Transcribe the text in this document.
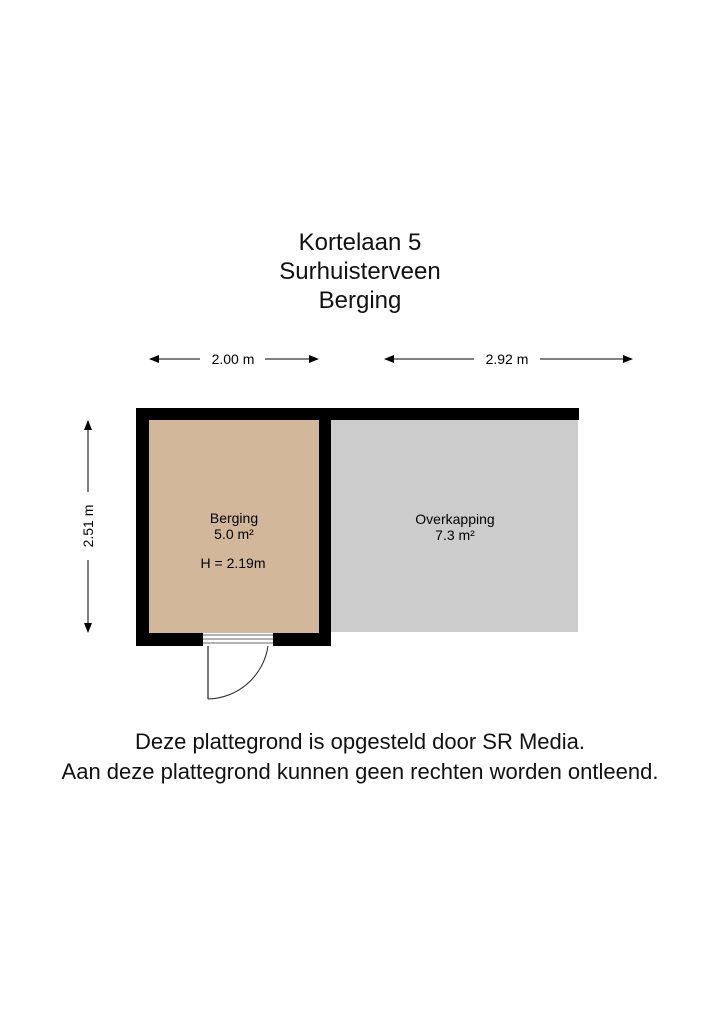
Kortelaan 5
Surhuisterveen
Berging
2.00 m	2.92 m
2.51 m	Berging
5.0 m²
H = 2.19m
Overkapping
7.3 m²
Deze plattegrond is opgesteld door SR Media.
Aan deze plattegrond kunnen geen rechten worden ontleend.
